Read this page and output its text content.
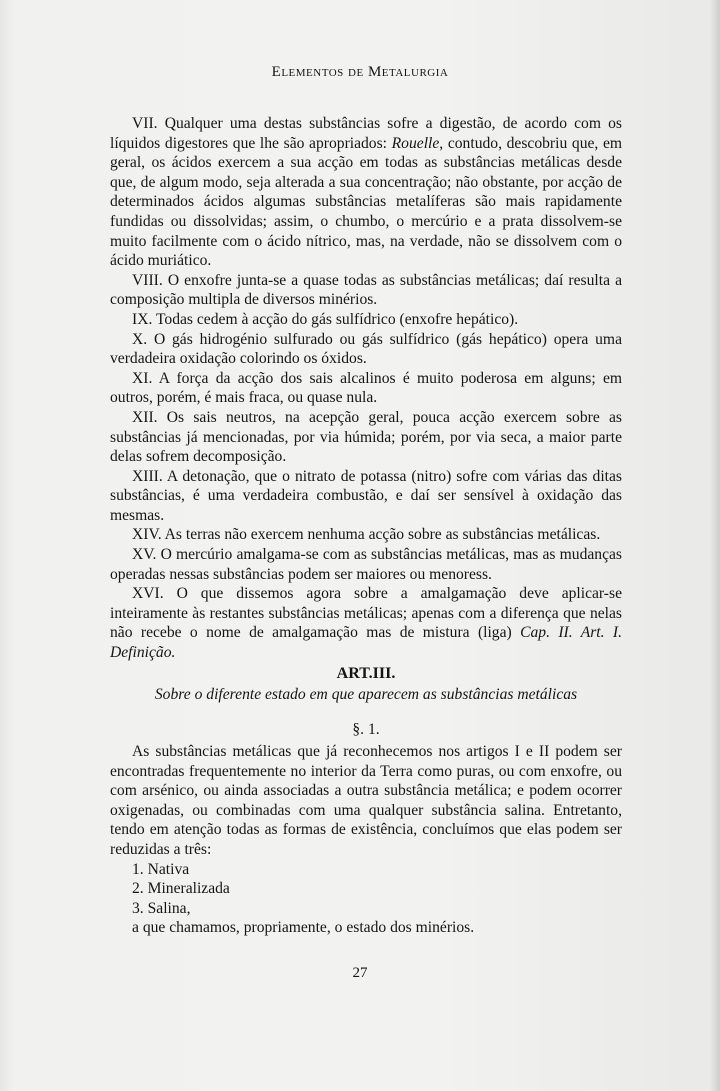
Elementos de Metalurgia

VII. Qualquer uma destas substâncias sofre a digestão, de acordo com os líquidos digestores que lhe são apropriados: Rouelle, contudo, descobriu que, em geral, os ácidos exercem a sua acção em todas as substâncias metálicas desde que, de algum modo, seja alterada a sua concentração; não obstante, por acção de determinados ácidos algumas substâncias metalíferas são mais rapidamente fundidas ou dissolvidas; assim, o chumbo, o mercúrio e a prata dissolvem-se muito facilmente com o ácido nítrico, mas, na verdade, não se dissolvem com o ácido muriático.

VIII. O enxofre junta-se a quase todas as substâncias metálicas; daí resulta a composição multipla de diversos minérios.

IX. Todas cedem à acção do gás sulfídrico (enxofre hepático).

X. O gás hidrogénio sulfurado ou gás sulfídrico (gás hepático) opera uma verdadeira oxidação colorindo os óxidos.

XI. A força da acção dos sais alcalinos é muito poderosa em alguns; em outros, porém, é mais fraca, ou quase nula.

XII. Os sais neutros, na acepção geral, pouca acção exercem sobre as substâncias já mencionadas, por via húmida; porém, por via seca, a maior parte delas sofrem decomposição.

XIII. A detonação, que o nitrato de potassa (nitro) sofre com várias das ditas substâncias, é uma verdadeira combustão, e daí ser sensível à oxidação das mesmas.

XIV. As terras não exercem nenhuma acção sobre as substâncias metálicas.

XV. O mercúrio amalgama-se com as substâncias metálicas, mas as mudanças operadas nessas substâncias podem ser maiores ou menoress.

XVI. O que dissemos agora sobre a amalgamação deve aplicar-se inteiramente às restantes substâncias metálicas; apenas com a diferença que nelas não recebe o nome de amalgamação mas de mistura (liga) Cap. II. Art. I. Definição.

ART.III.
Sobre o diferente estado em que aparecem as substâncias metálicas
§. 1.

As substâncias metálicas que já reconhecemos nos artigos I e II podem ser encontradas frequentemente no interior da Terra como puras, ou com enxofre, ou com arsénico, ou ainda associadas a outra substância metálica; e podem ocorrer oxigenadas, ou combinadas com uma qualquer substância salina. Entretanto, tendo em atenção todas as formas de existência, concluímos que elas podem ser reduzidas a três:

1. Nativa
2. Mineralizada
3. Salina,
a que chamamos, propriamente, o estado dos minérios.
27
